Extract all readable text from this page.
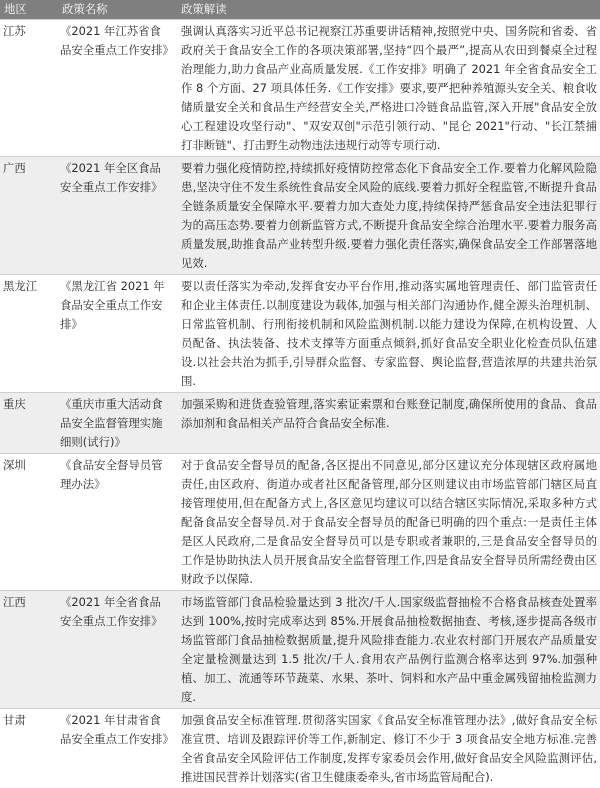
地区	政策名称	政策解读
江苏	《2021 年江苏省食品安全重点工作安排》	强调认真落实习近平总书记视察江苏重要讲话精神,按照党中央、国务院和省委、省政府关于食品安全工作的各项决策部署,坚持“四个最严”,提高从农田到餐桌全过程治理能力,助力食品产业高质量发展.《工作安排》明确了 2021 年全省食品安全工作 8 个方面、27 项具体任务.《工作安排》要求,要严把种养殖源头安全关、粮食收储质量安全关和食品生产经营安全关,严格进口冷链食品监管,深入开展"食品安全放心工程建设攻坚行动"、"双安双创"示范引领行动、"昆仑 2021"行动、"长江禁捕打非断链"、打击野生动物违法违规行动等专项行动.
广西	《2021 年全区食品安全重点工作安排》	要着力强化疫情防控,持续抓好疫情防控常态化下食品安全工作.要着力化解风险隐患,坚决守住不发生系统性食品安全风险的底线.要着力抓好全程监管,不断提升食品全链条质量安全保障水平.要着力加大查处力度,持续保持严惩食品安全违法犯罪行为的高压态势.要着力创新监管方式,不断提升食品安全综合治理水平.要着力服务高质量发展,助推食品产业转型升级.要着力强化责任落实,确保食品安全工作部署落地见效.
黑龙江	《黑龙江省 2021 年食品安全重点工作安排》	要以责任落实为牵动,发挥食安办平台作用,推动落实属地管理责任、部门监管责任和企业主体责任.以制度建设为载体,加强与相关部门沟通协作,健全源头治理机制、日常监管机制、行刑衔接机制和风险监测机制.以能力建设为保障,在机构设置、人员配备、执法装备、技术支撑等方面重点倾斜,抓好食品安全职业化检查员队伍建设.以社会共治为抓手,引导群众监督、专家监督、舆论监督,营造浓厚的共建共治氛围.
重庆	《重庆市重大活动食品安全监督管理实施细则(试行)》	加强采购和进货查验管理,落实索证索票和台账登记制度,确保所使用的食品、食品添加剂和食品相关产品符合食品安全标准.
深圳	《食品安全督导员管理办法》	对于食品安全督导员的配备,各区提出不同意见,部分区建议充分体现辖区政府属地责任,由区政府、街道办或者社区配备管理,部分区则建议由市场监管部门辖区局直接管理使用,但在配备方式上,各区意见均建议可以结合辖区实际情况,采取多种方式配备食品安全督导员.对于食品安全督导员的配备已明确的四个重点:一是责任主体是区人民政府,二是食品安全督导员可以是专职或者兼职的,三是食品安全督导员的工作是协助执法人员开展食品安全监督管理工作,四是食品安全督导员所需经费由区财政予以保障.
江西	《2021 年全省食品安全重点工作安排》	市场监管部门食品检验量达到 3 批次/千人.国家级监督抽检不合格食品核查处置率达到 100%,按时完成率达到 85%.开展食品抽检数据抽查、考核,逐步提高各级市场监管部门食品抽检数据质量,提升风险排查能力.农业农村部门开展农产品质量安全定量检测量达到 1.5 批次/千人.食用农产品例行监测合格率达到 97%.加强种植、加工、流通等环节蔬菜、水果、茶叶、饲料和水产品中重金属残留抽检监测力度.
甘肃	《2021 年甘肃省食品安全重点工作安排》	加强食品安全标准管理.贯彻落实国家《食品安全标准管理办法》,做好食品安全标准宣贯、培训及跟踪评价等工作,新制定、修订不少于 3 项食品安全地方标准.完善全省食品安全风险评估工作制度,发挥专家委员会作用,做好食品安全风险监测评估,推进国民营养计划落实(省卫生健康委牵头,省市场监管局配合).
